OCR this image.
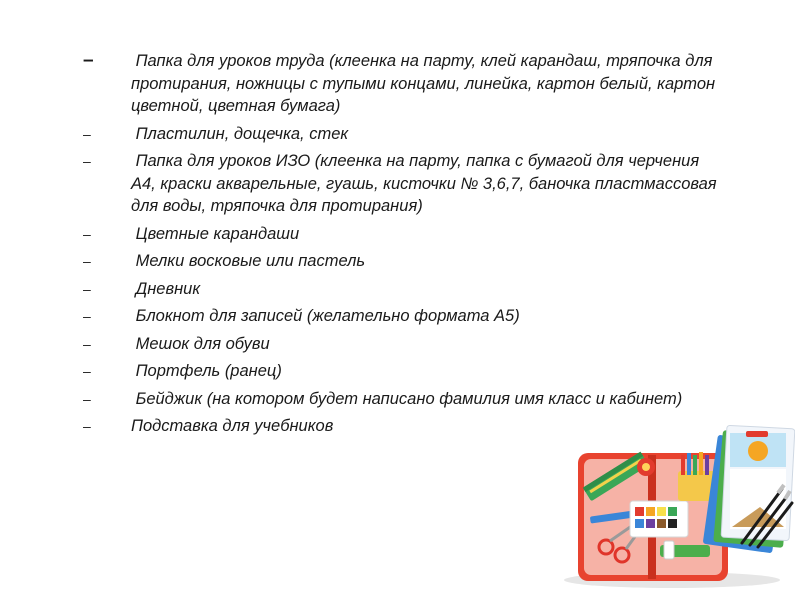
–	Папка для уроков труда (клеенка на парту, клей карандаш, тряпочка для протирания, ножницы с тупыми концами, линейка, картон белый, картон цветной, цветная бумага)
–	Пластилин, дощечка, стек
–	Папка для уроков ИЗО (клеенка на парту, папка с бумагой для черчения А4, краски акварельные, гуашь, кисточки № 3,6,7, баночка пластмассовая для воды, тряпочка для протирания)
–	Цветные карандаши
–	Мелки восковые или пастель
–	Дневник
–	Блокнот для записей (желательно формата А5)
–	Мешок для обуви
–	Портфель (ранец)
–	Бейджик (на котором будет написано фамилия имя класс и кабинет)
–	Подставка для учебников
